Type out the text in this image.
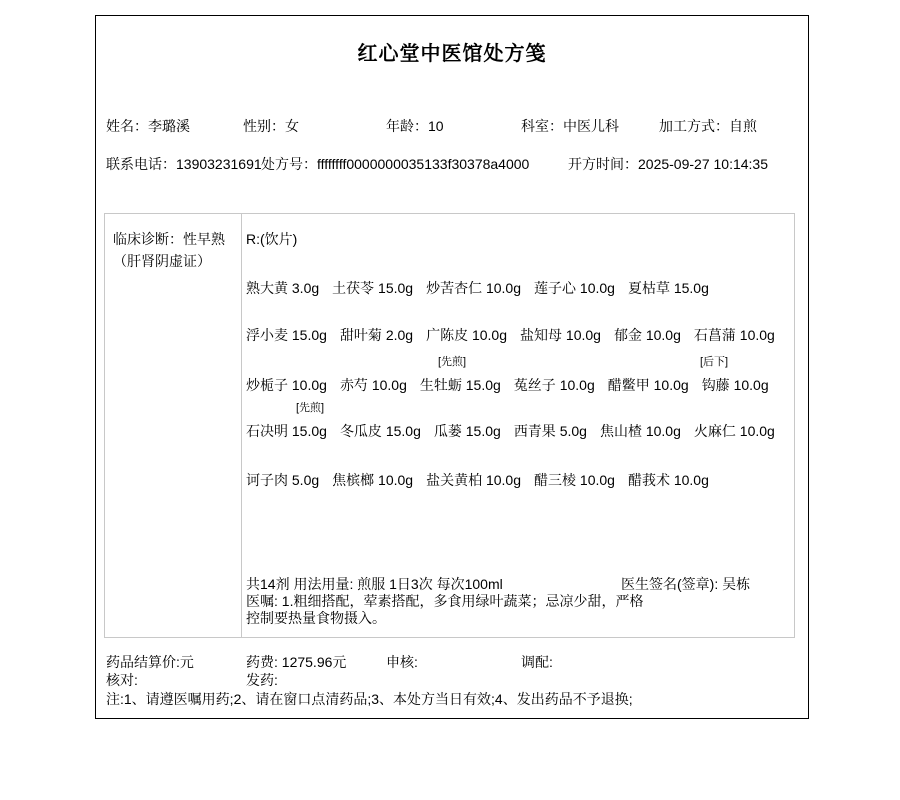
红心堂中医馆处方笺
姓名：李璐溪	性别：女	年龄：10	科室：中医儿科	加工方式：自煎
联系电话：13903231691 处方号：ffffffff0000000035133f30378a4000	开方时间：2025-09-27 10:14:35
临床诊断：性早熟（肝肾阴虚证）
R:(饮片)
熟大黄 3.0g 土茯苓 15.0g 炒苦杏仁 10.0g 莲子心 10.0g 夏枯草 15.0g
浮小麦 15.0g 甜叶菊 2.0g 广陈皮 10.0g 盐知母 10.0g 郁金 10.0g 石菖蒲 10.0g
[先煎]	[后下]
炒栀子 10.0g 赤芍 10.0g 生牡蛎 15.0g 菟丝子 10.0g 醋鳖甲 10.0g 钩藤 10.0g
[先煎]
石决明 15.0g 冬瓜皮 15.0g 瓜蒌 15.0g 西青果 5.0g 焦山楂 10.0g 火麻仁 10.0g
诃子肉 5.0g 焦槟榔 10.0g 盐关黄柏 10.0g 醋三棱 10.0g 醋莪术 10.0g
共14剂 用法用量: 煎服 1日3次 每次100ml	医生签名(签章): 吴栋
医嘱: 1.粗细搭配，荤素搭配，多食用绿叶蔬菜；忌凉少甜，严格
控制要热量食物摄入。
药品结算价:元	药费: 1275.96元	申核:	调配:
核对:	发药:
注:1、请遵医嘱用药;2、请在窗口点清药品;3、本处方当日有效;4、发出药品不予退换;
